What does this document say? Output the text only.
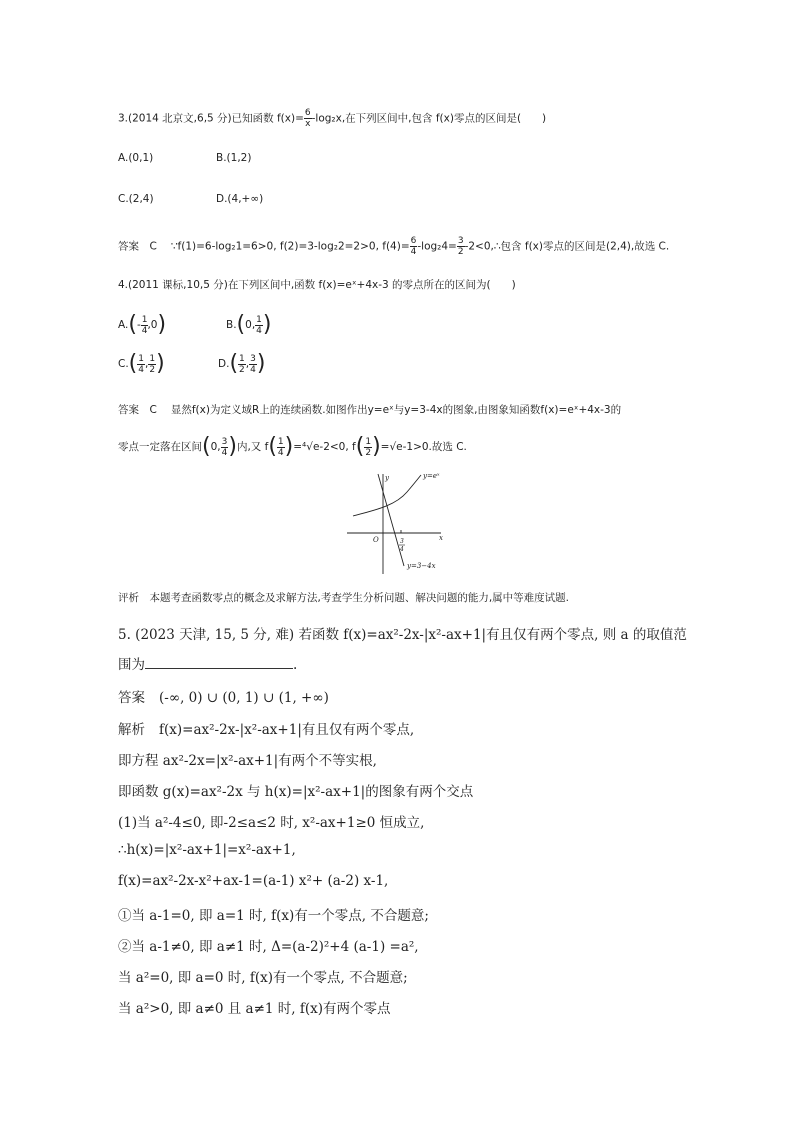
3.(2014 北京文,6,5 分)已知函数 $f(x)= \frac{6}{x} -\log_2x$,在下列区间中,包含 f(x)零点的区间是(　　)
A.(0,1)	B.(1,2)
C.(2,4)	D.(4,+∞)
答案　C ∵f(1)=6-log₂1=6>0, f(2)=3-log₂2=2>0, $f(4)= \frac{6}{4} -\log_24= \frac{3}{2}$ -2<0,∴包含 f(x)零点的区间是(2,4),故选 C.
4.(2011 课标,10,5 分)在下列区间中,函数 f(x)=eˣ+4x-3 的零点所在的区间为(　　)
$A.(- \frac{1}{4} ,0)$	B.(0, $\frac{1}{4}$ )
$C.( \frac{1}{4}$ , $\frac{1}{2}$ )	$D.( \frac{1}{2}$ , $\frac{3}{4}$ )
答案　C 显然f(x)为定义域R上的连续函数.如图作出y=eˣ与y=3-4x的图象,由图象知函数f(x)=eˣ+4x-3的
零点一定落在区间(0, $\frac{3}{4}$ )内,又 $f( \frac{1}{4} )=^4√e-2<0$, $f( \frac{1}{2} )=√e-1>0$.故选 C.
y
x
O
y=eˣ
y=3−4x
3
4
评析　本题考查函数零点的概念及求解方法,考查学生分析问题、解决问题的能力,属中等难度试题.
5. (2023 天津, 15, 5 分, 难) 若函数 f(x)=ax²-2x-|x²-ax+1|有且仅有两个零点, 则 a 的取值范
围为	.
答案 (-∞, 0) ∪ (0, 1) ∪ (1, +∞)
解析 f(x)=ax²-2x-|x²-ax+1|有且仅有两个零点,
即方程 ax²-2x=|x²-ax+1|有两个不等实根,
即函数 g(x)=ax²-2x 与 h(x)=|x²-ax+1|的图象有两个交点
(1)当 a²-4≤0, 即-2≤a≤2 时, x²-ax+1≥0 恒成立,
∴h(x)=|x²-ax+1|=x²-ax+1,
f(x)=ax²-2x-x²+ax-1=(a-1) x²+ (a-2) x-1,
①当 a-1=0, 即 a=1 时, f(x)有一个零点, 不合题意;
②当 a-1≠0, 即 a≠1 时, Δ=(a-2)²+4 (a-1) =a²,
当 a²=0, 即 a=0 时, f(x)有一个零点, 不合题意;
当 a²>0, 即 a≠0 且 a≠1 时, f(x)有两个零点
